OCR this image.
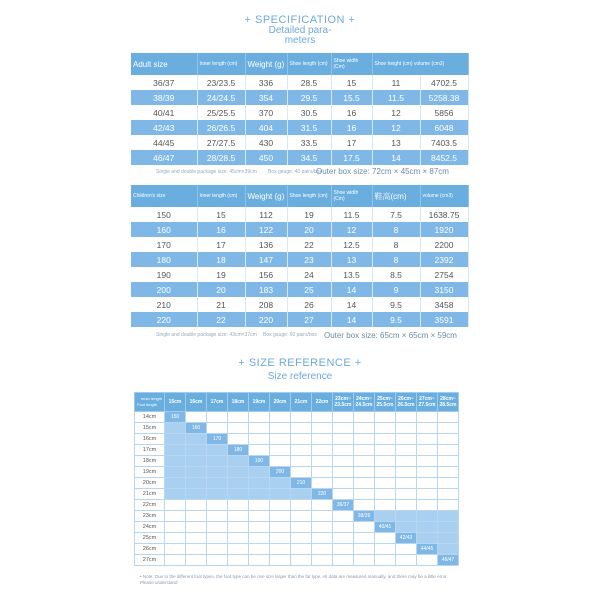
+ SPECIFICATION +
Detailed para-
meters
Adult size	Inner length (cm)	Weight (g)	Shoe length (cm)	Shoe width (Cm)	Shoe height (cm) volume (cm3)	
36/37	23/23.5	336	28.5	15	11	4702.5
38/39	24/24.5	354	29.5	15.5	11.5	5258.38
40/41	25/25.5	370	30.5	16	12	5856
42/43	26/26.5	404	31.5	16	12	6048
44/45	27/27.5	430	33.5	17	13	7403.5
46/47	28/28.5	450	34.5	17.5	14	8452.5
Single and double package size: 45cm×39cm Box gauge: 40 pairs/box
Outer box size: 72cm × 45cm × 87cm
Children's size	Inner length (cm)	Weight (g)	Shoe length (cm)	Shoe width (Cm)	鞋高(cm)	volume (cm3)
150	15	112	19	11.5	7.5	1638.75
160	16	122	20	12	8	1920
170	17	136	22	12.5	8	2200
180	18	147	23	13	8	2392
190	19	156	24	13.5	8.5	2754
200	20	183	25	14	9	3150
210	21	208	26	14	9.5	3458
220	22	220	27	14	9.5	3591
Single and double package size: 43cm×37cm Box gauge: 60 pairs/box Outer box size: 65cm × 65cm × 59cm
+ SIZE REFERENCE +
Size reference
Inner length
Foot length	15cm	16cm	17cm	18cm	19cm	20cm	21cm	22cm	23cm~ 23.5cm	24cm~ 24.5cm	25cm~ 25.5cm	26cm~ 26.5cm	27cm~ 27.5cm	28cm~ 28.5cm
14cm	150													
15cm		160												
16cm			170											
17cm				180										
18cm					190									
19cm						200								
20cm							210							
21cm								220						
22cm									36/37					
23cm										38/39				
24cm											40/41			
25cm												42/43		
26cm													44/45	
27cm														46/47
• Note: Due to the different foot types, the foot type can be one size larger than the fat type. All data are measured manually, and there may be a little error. Please understand
